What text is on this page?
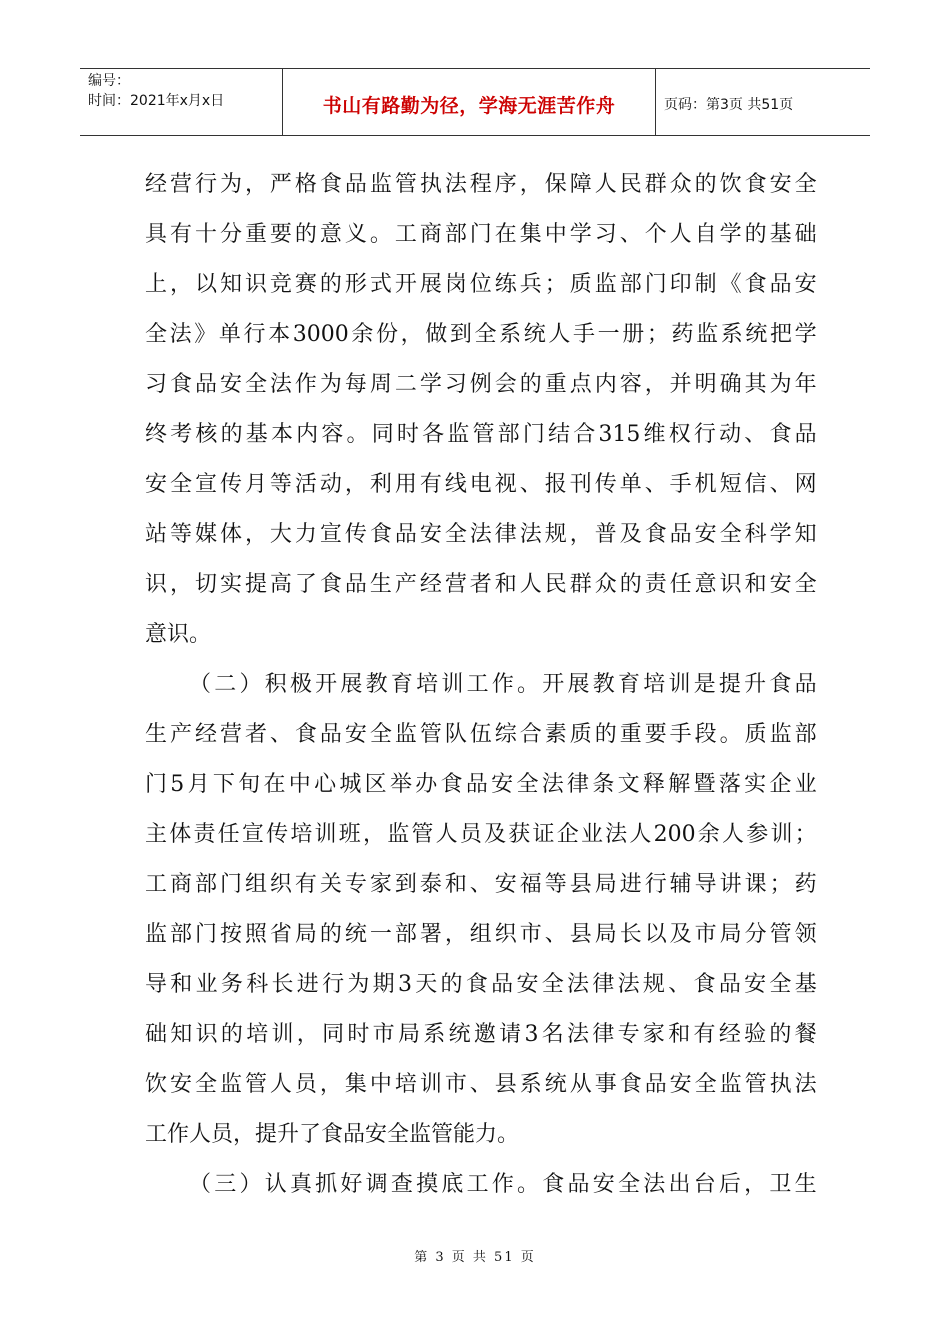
编号：
时间：2021年x月x日	书山有路勤为径，学海无涯苦作舟	页码：第3页 共51页
经 营 行 为 ， 严 格 食 品 监 管 执 法 程 序 ， 保 障 人 民 群 众 的 饮 食 安 全
具 有 十 分 重 要 的 意 义 。 工 商 部 门 在 集 中 学 习 、 个 人 自 学 的 基 础
上 ， 以 知 识 竞 赛 的 形 式 开 展 岗 位 练 兵 ； 质 监 部 门 印 制 《 食 品 安
全 法 》 单 行 本 3000 余 份 ， 做 到 全 系 统 人 手 一 册 ； 药 监 系 统 把 学
习 食 品 安 全 法 作 为 每 周 二 学 习 例 会 的 重 点 内 容 ， 并 明 确 其 为 年
终 考 核 的 基 本 内 容 。 同 时 各 监 管 部 门 结 合 315 维 权 行 动 、 食 品
安 全 宣 传 月 等 活 动 ， 利 用 有 线 电 视 、 报 刊 传 单 、 手 机 短 信 、 网
站 等 媒 体 ， 大 力 宣 传 食 品 安 全 法 律 法 规 ， 普 及 食 品 安 全 科 学 知
识 ， 切 实 提 高 了 食 品 生 产 经 营 者 和 人 民 群 众 的 责 任 意 识 和 安 全
意识。
（ 二 ） 积 极 开 展 教 育 培 训 工 作 。 开 展 教 育 培 训 是 提 升 食 品
生 产 经 营 者 、 食 品 安 全 监 管 队 伍 综 合 素 质 的 重 要 手 段 。 质 监 部
门 5 月 下 旬 在 中 心 城 区 举 办 食 品 安 全 法 律 条 文 释 解 暨 落 实 企 业
主 体 责 任 宣 传 培 训 班 ， 监 管 人 员 及 获 证 企 业 法 人 200 余 人 参 训 ；
工 商 部 门 组 织 有 关 专 家 到 泰 和 、 安 福 等 县 局 进 行 辅 导 讲 课 ； 药
监 部 门 按 照 省 局 的 统 一 部 署 ， 组 织 市 、 县 局 长 以 及 市 局 分 管 领
导 和 业 务 科 长 进 行 为 期 3 天 的 食 品 安 全 法 律 法 规 、 食 品 安 全 基
础 知 识 的 培 训 ， 同 时 市 局 系 统 邀 请 3 名 法 律 专 家 和 有 经 验 的 餐
饮 安 全 监 管 人 员 ， 集 中 培 训 市 、 县 系 统 从 事 食 品 安 全 监 管 执 法
工作人员，提升了食品安全监管能力。
（ 三 ） 认 真 抓 好 调 查 摸 底 工 作 。 食 品 安 全 法 出 台 后 ， 卫 生
第 3 页 共 51 页
